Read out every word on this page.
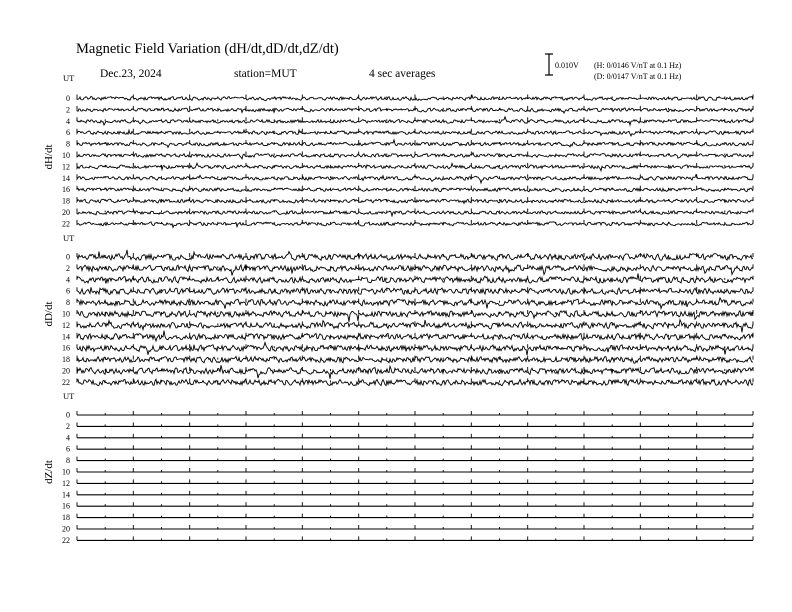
Magnetic Field Variation (dH/dt,dD/dt,dZ/dt)
Dec.23, 2024	station=MUT	4 sec averages
0.010V (H: 0/0146 V/nT at 0.1 Hz)
(D: 0/0147 V/nT at 0.1 Hz)
UT
dH/dt
0
2
4
6
8
10
12
14
16
18
20
22
UT
dD/dt
0
2
4
6
8
10
12
14
16
18
20
22
UT
dZ/dt
0
2
4
6
8
10
12
14
16
18
20
22
